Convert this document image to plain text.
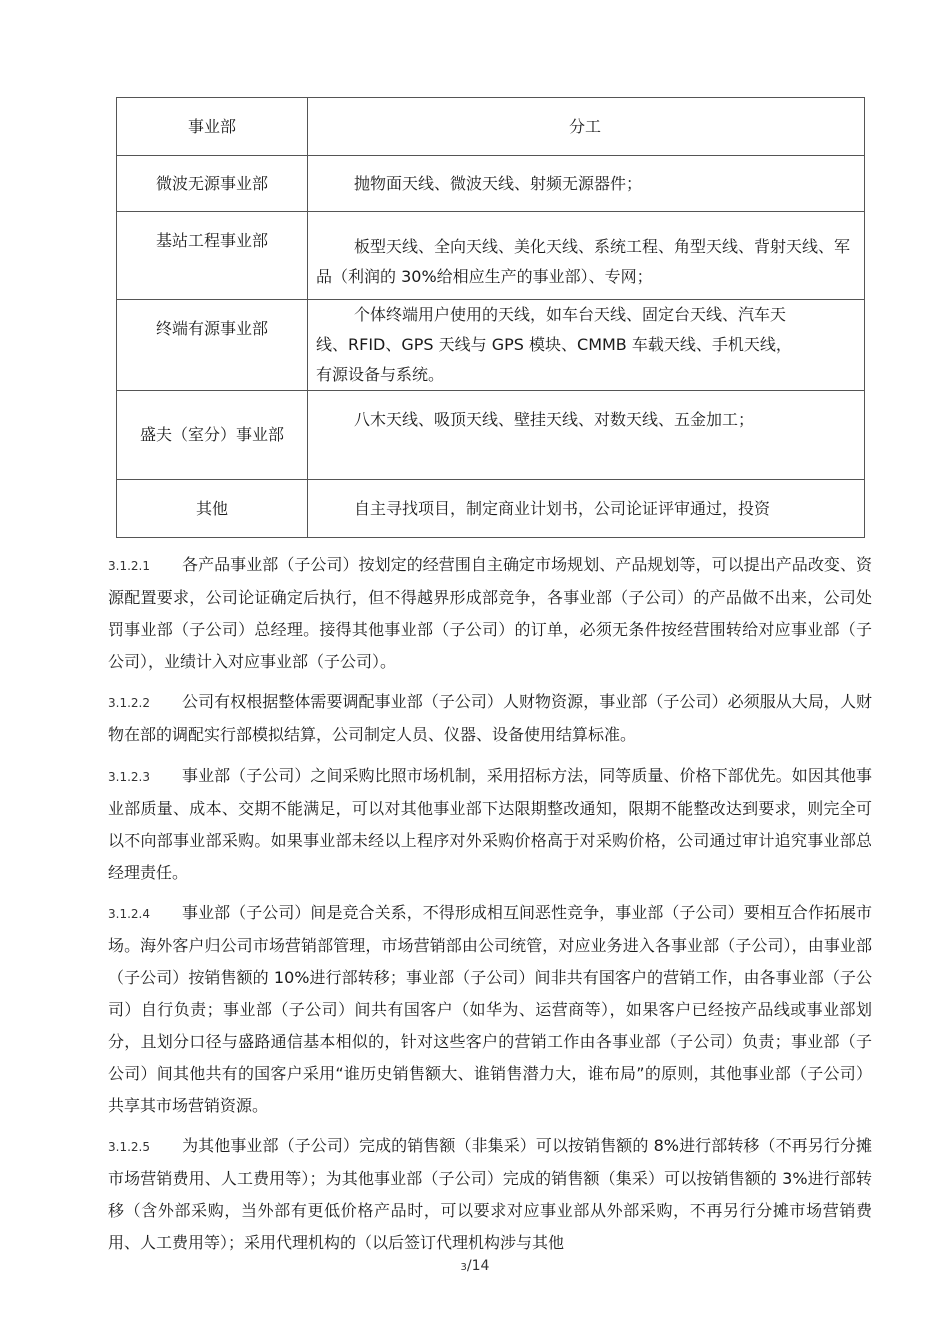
事业部	分工
微波无源事业部	抛物面天线、微波天线、射频无源器件；

基站工程事业部	板型天线、全向天线、美化天线、系统工程、角型天线、背射天线、军品（利润的 30%给相应生产的事业部）、专网；

终端有源事业部	个体终端用户使用的天线，如车台天线、固定台天线、汽车天线、RFID、GPS 天线与 GPS 模块、CMMB 车载天线、手机天线，有源设备与系统。

盛夫（室分）事业部	八木天线、吸顶天线、壁挂天线、对数天线、五金加工；

其他	自主寻找项目，制定商业计划书，公司论证评审通过，投资

3.1.2.1 各产品事业部（子公司）按划定的经营围自主确定市场规划、产品规划等，可以提出产品改变、资源配置要求，公司论证确定后执行，但不得越界形成部竞争，各事业部（子公司）的产品做不出来，公司处罚事业部（子公司）总经理。接得其他事业部（子公司）的订单，必须无条件按经营围转给对应事业部（子公司），业绩计入对应事业部（子公司）。

3.1.2.2 公司有权根据整体需要调配事业部（子公司）人财物资源，事业部（子公司）必须服从大局，人财物在部的调配实行部模拟结算，公司制定人员、仪器、设备使用结算标准。

3.1.2.3 事业部（子公司）之间采购比照市场机制，采用招标方法，同等质量、价格下部优先。如因其他事业部质量、成本、交期不能满足，可以对其他事业部下达限期整改通知，限期不能整改达到要求，则完全可以不向部事业部采购。如果事业部未经以上程序对外采购价格高于对采购价格，公司通过审计追究事业部总经理责任。

3.1.2.4 事业部（子公司）间是竞合关系，不得形成相互间恶性竞争，事业部（子公司）要相互合作拓展市场。海外客户归公司市场营销部管理，市场营销部由公司统管，对应业务进入各事业部（子公司），由事业部（子公司）按销售额的 10%进行部转移；事业部（子公司）间非共有国客户的营销工作，由各事业部（子公司）自行负责；事业部（子公司）间共有国客户（如华为、运营商等），如果客户已经按产品线或事业部划分，且划分口径与盛路通信基本相似的，针对这些客户的营销工作由各事业部（子公司）负责；事业部（子公司）间其他共有的国客户采用“谁历史销售额大、谁销售潜力大，谁布局”的原则，其他事业部（子公司）共享其市场营销资源。

3.1.2.5 为其他事业部（子公司）完成的销售额（非集采）可以按销售额的 8%进行部转移（不再另行分摊市场营销费用、人工费用等）；为其他事业部（子公司）完成的销售额（集采）可以按销售额的 3%进行部转移（含外部采购，当外部有更低价格产品时，可以要求对应事业部从外部采购，不再另行分摊市场营销费用、人工费用等）；采用代理机构的（以后签订代理机构涉与其他

3/14
